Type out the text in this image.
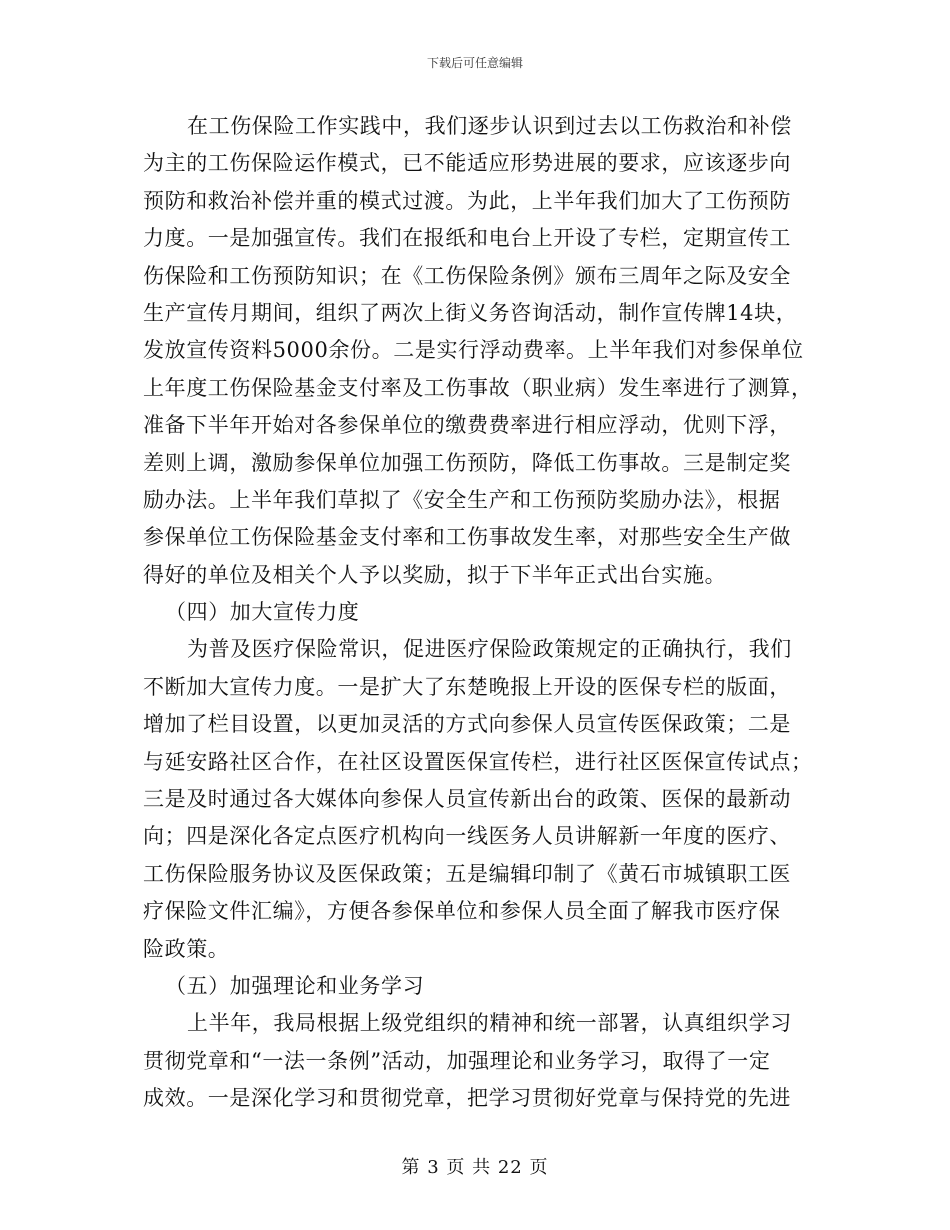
下载后可任意编辑
在工伤保险工作实践中，我们逐步认识到过去以工伤救治和补偿
为主的工伤保险运作模式，已不能适应形势进展的要求，应该逐步向
预防和救治补偿并重的模式过渡。为此，上半年我们加大了工伤预防
力度。一是加强宣传。我们在报纸和电台上开设了专栏，定期宣传工
伤保险和工伤预防知识；在《工伤保险条例》颁布三周年之际及安全
生产宣传月期间，组织了两次上街义务咨询活动，制作宣传牌14块，
发放宣传资料5000余份。二是实行浮动费率。上半年我们对参保单位
上年度工伤保险基金支付率及工伤事故（职业病）发生率进行了测算，
准备下半年开始对各参保单位的缴费费率进行相应浮动，优则下浮，
差则上调，激励参保单位加强工伤预防，降低工伤事故。三是制定奖
励办法。上半年我们草拟了《安全生产和工伤预防奖励办法》，根据
参保单位工伤保险基金支付率和工伤事故发生率，对那些安全生产做
得好的单位及相关个人予以奖励，拟于下半年正式出台实施。
（四）加大宣传力度
为普及医疗保险常识，促进医疗保险政策规定的正确执行，我们
不断加大宣传力度。一是扩大了东楚晚报上开设的医保专栏的版面，
增加了栏目设置，以更加灵活的方式向参保人员宣传医保政策；二是
与延安路社区合作，在社区设置医保宣传栏，进行社区医保宣传试点；
三是及时通过各大媒体向参保人员宣传新出台的政策、医保的最新动
向；四是深化各定点医疗机构向一线医务人员讲解新一年度的医疗、
工伤保险服务协议及医保政策；五是编辑印制了《黄石市城镇职工医
疗保险文件汇编》，方便各参保单位和参保人员全面了解我市医疗保
险政策。
（五）加强理论和业务学习
上半年，我局根据上级党组织的精神和统一部署，认真组织学习
贯彻党章和“一法一条例”活动，加强理论和业务学习，取得了一定
成效。一是深化学习和贯彻党章，把学习贯彻好党章与保持党的先进
第 3 页 共 22 页
